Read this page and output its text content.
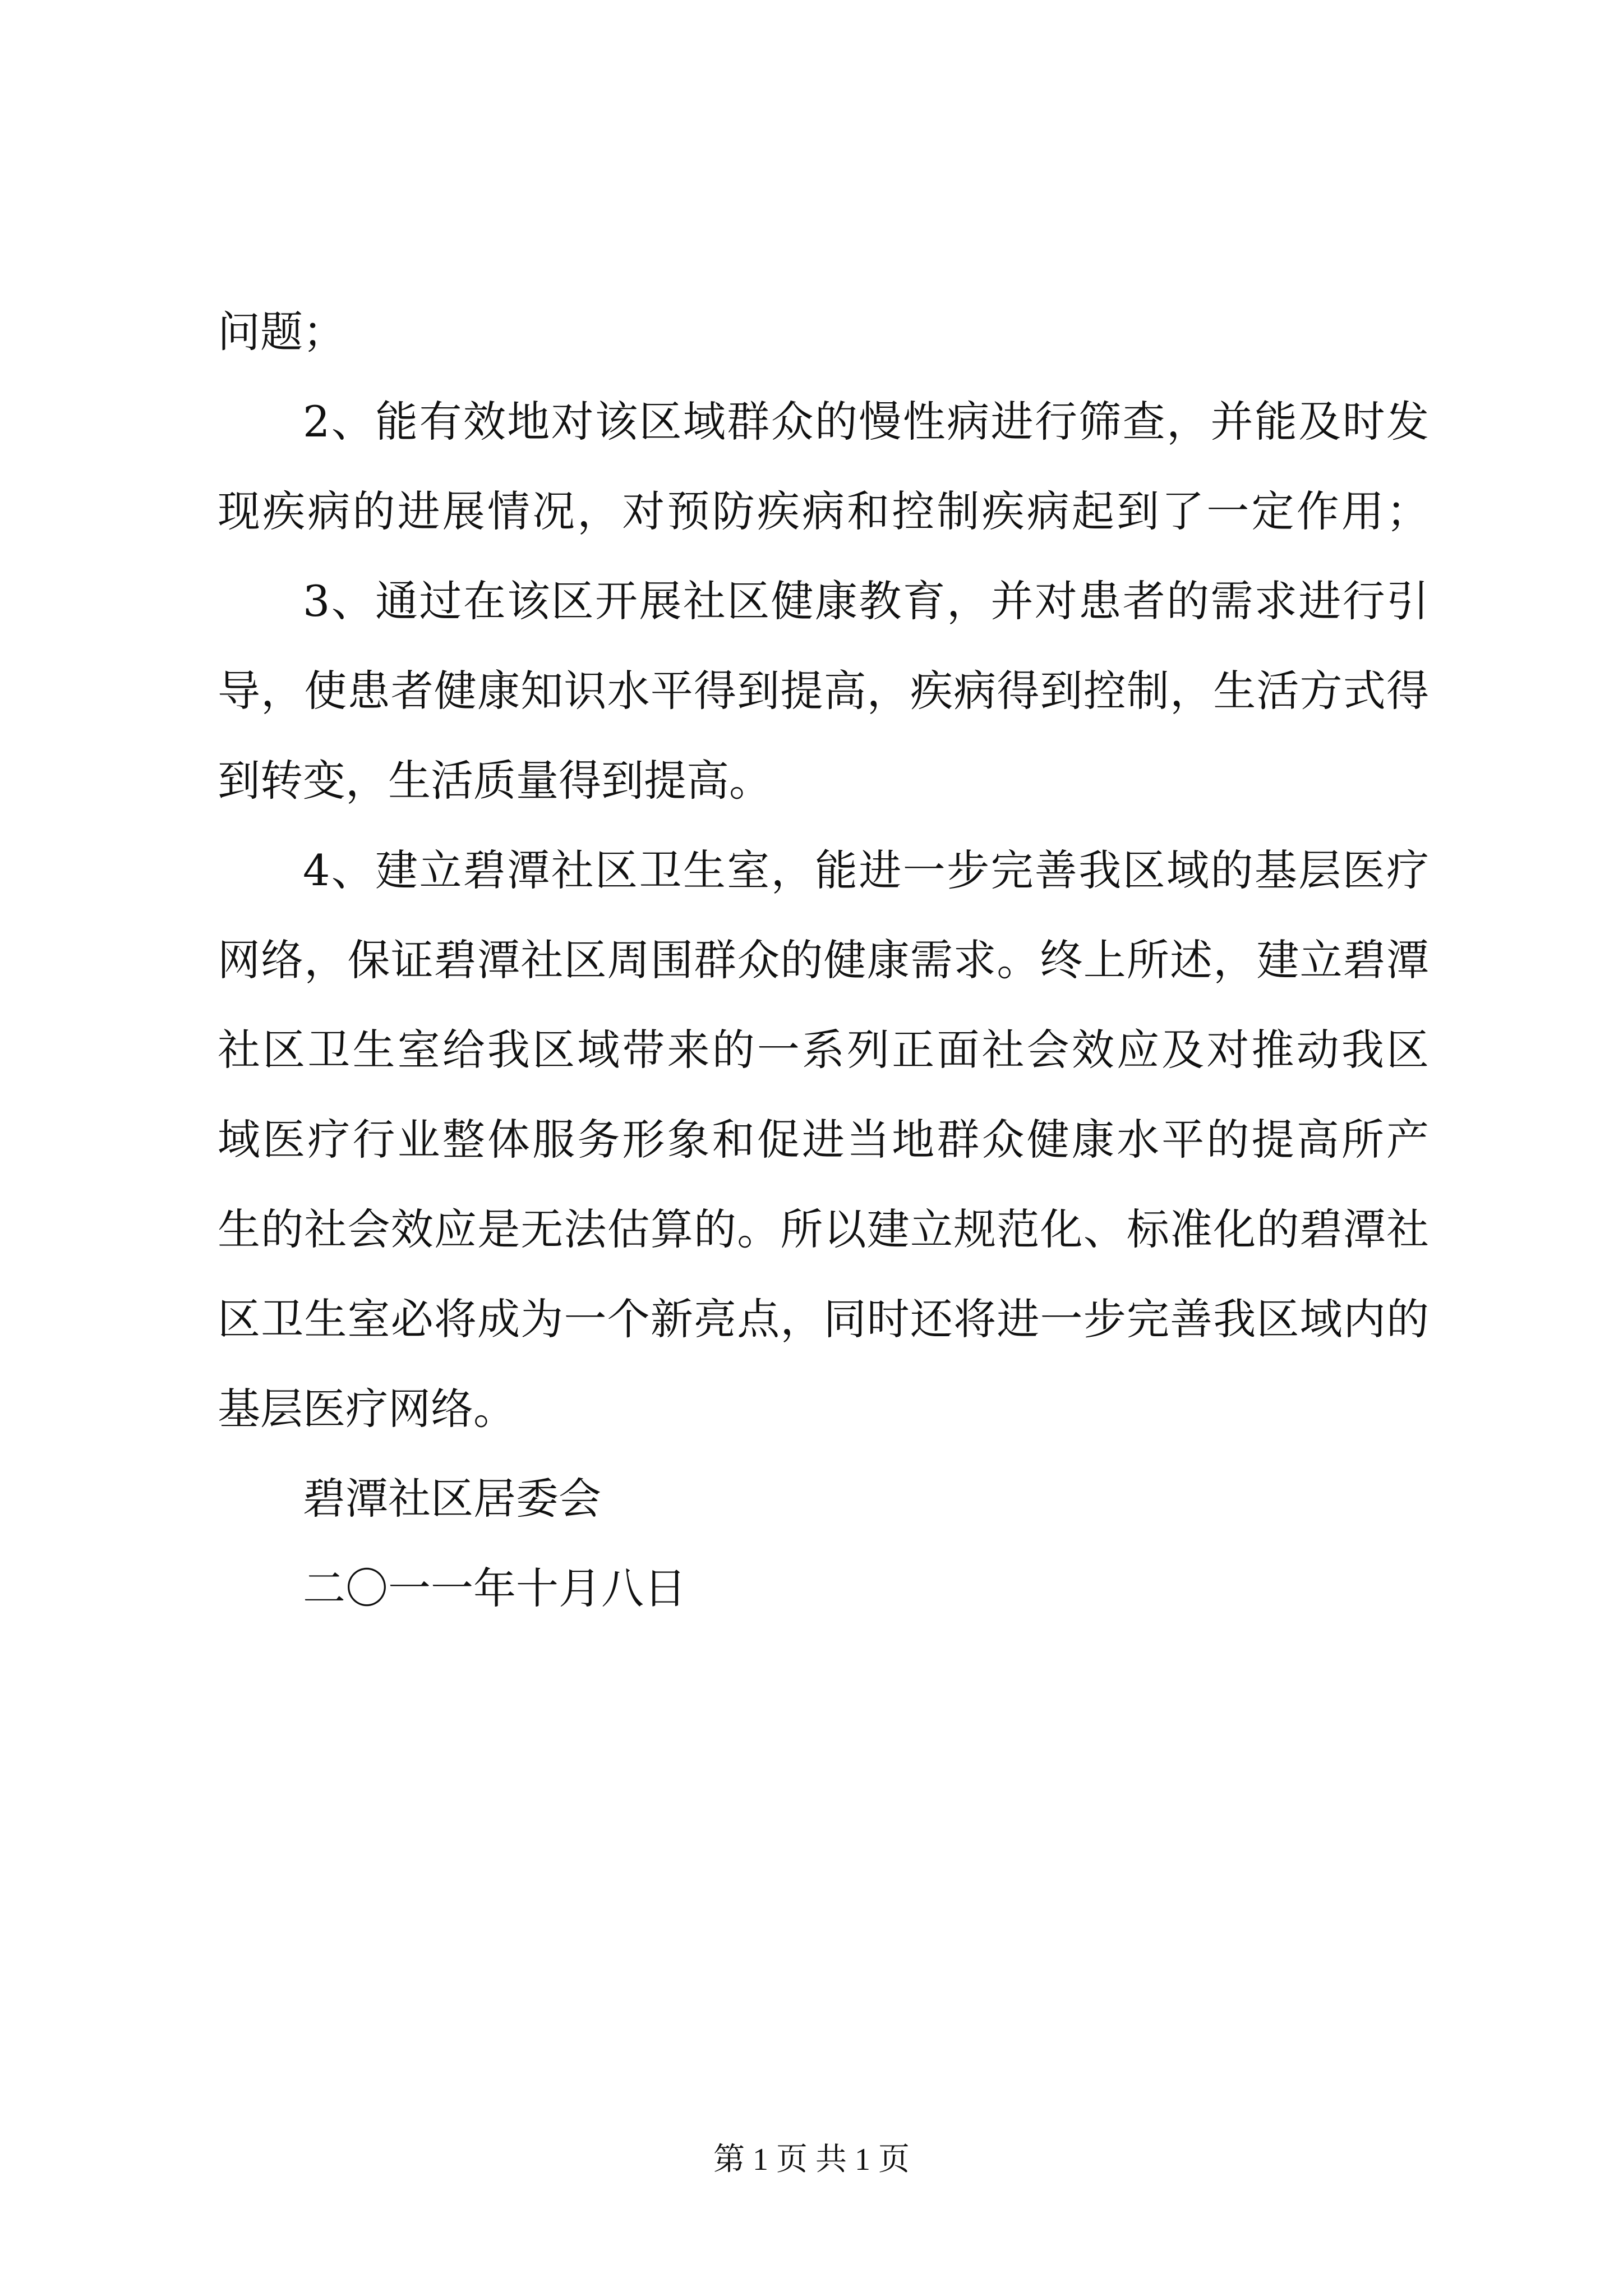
问题；
2、能有效地对该区域群众的慢性病进行筛查，并能及时发
现疾病的进展情况，对预防疾病和控制疾病起到了一定作用；
3、通过在该区开展社区健康教育，并对患者的需求进行引
导，使患者健康知识水平得到提高，疾病得到控制，生活方式得
到转变，生活质量得到提高。
4、建立碧潭社区卫生室，能进一步完善我区域的基层医疗
网络，保证碧潭社区周围群众的健康需求。终上所述，建立碧潭
社区卫生室给我区域带来的一系列正面社会效应及对推动我区
域医疗行业整体服务形象和促进当地群众健康水平的提高所产
生的社会效应是无法估算的。所以建立规范化、标准化的碧潭社
区卫生室必将成为一个新亮点，同时还将进一步完善我区域内的
基层医疗网络。
碧潭社区居委会
二〇一一年十月八日
第 1 页 共 1 页
